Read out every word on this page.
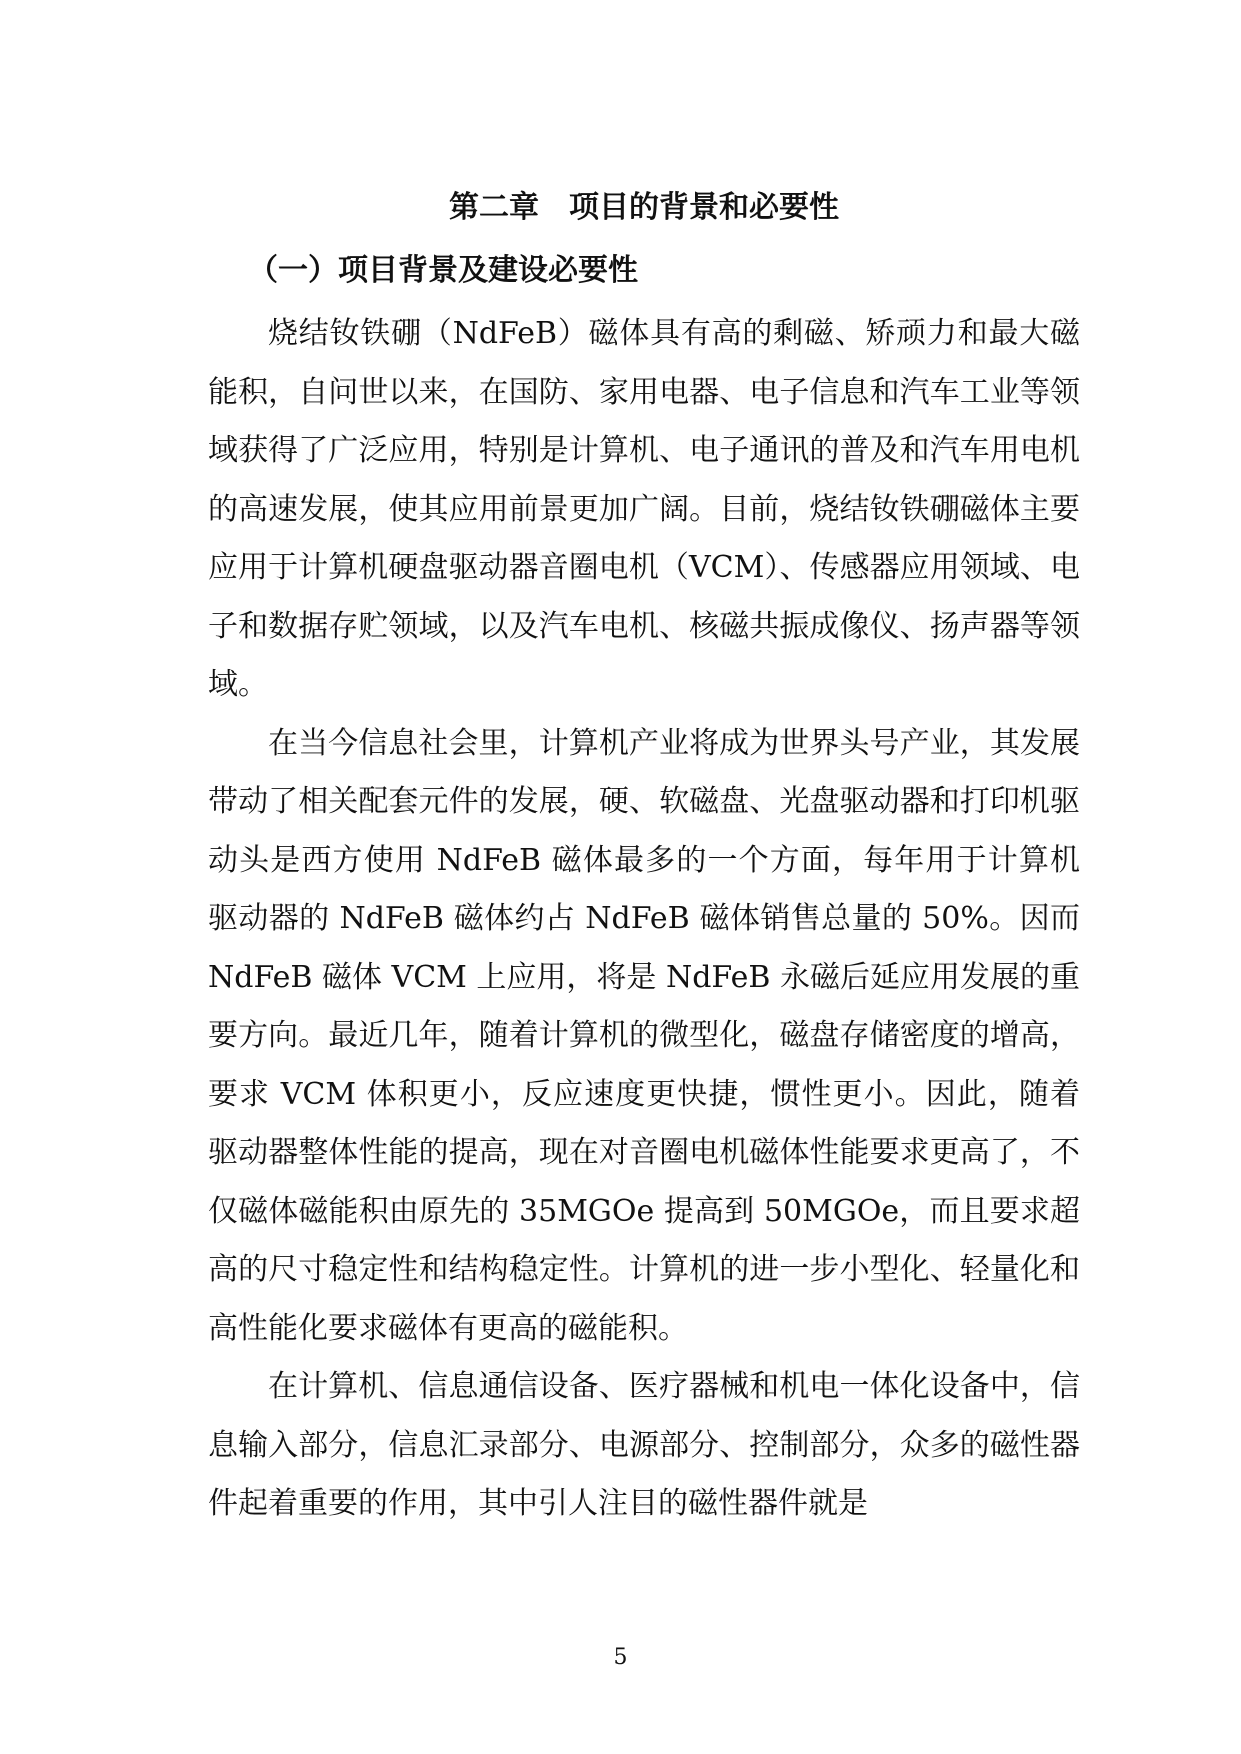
第二章　项目的背景和必要性
（一）项目背景及建设必要性

烧结钕铁硼（NdFeB）磁体具有高的剩磁、矫顽力和最大磁能积，自问世以来，在国防、家用电器、电子信息和汽车工业等领域获得了广泛应用，特别是计算机、电子通讯的普及和汽车用电机的高速发展，使其应用前景更加广阔。目前，烧结钕铁硼磁体主要应用于计算机硬盘驱动器音圈电机（VCM）、传感器应用领域、电子和数据存贮领域，以及汽车电机、核磁共振成像仪、扬声器等领域。

在当今信息社会里，计算机产业将成为世界头号产业，其发展带动了相关配套元件的发展，硬、软磁盘、光盘驱动器和打印机驱动头是西方使用 NdFeB 磁体最多的一个方面，每年用于计算机驱动器的 NdFeB 磁体约占 NdFeB 磁体销售总量的 50%。因而 NdFeB 磁体 VCM 上应用，将是 NdFeB 永磁后延应用发展的重要方向。最近几年，随着计算机的微型化，磁盘存储密度的增高，要求 VCM 体积更小，反应速度更快捷，惯性更小。因此，随着驱动器整体性能的提高，现在对音圈电机磁体性能要求更高了，不仅磁体磁能积由原先的 35MGOe 提高到 50MGOe，而且要求超高的尺寸稳定性和结构稳定性。计算机的进一步小型化、轻量化和高性能化要求磁体有更高的磁能积。

在计算机、信息通信设备、医疗器械和机电一体化设备中，信息输入部分，信息汇录部分、电源部分、控制部分，众多的磁性器件起着重要的作用，其中引人注目的磁性器件就是

5
